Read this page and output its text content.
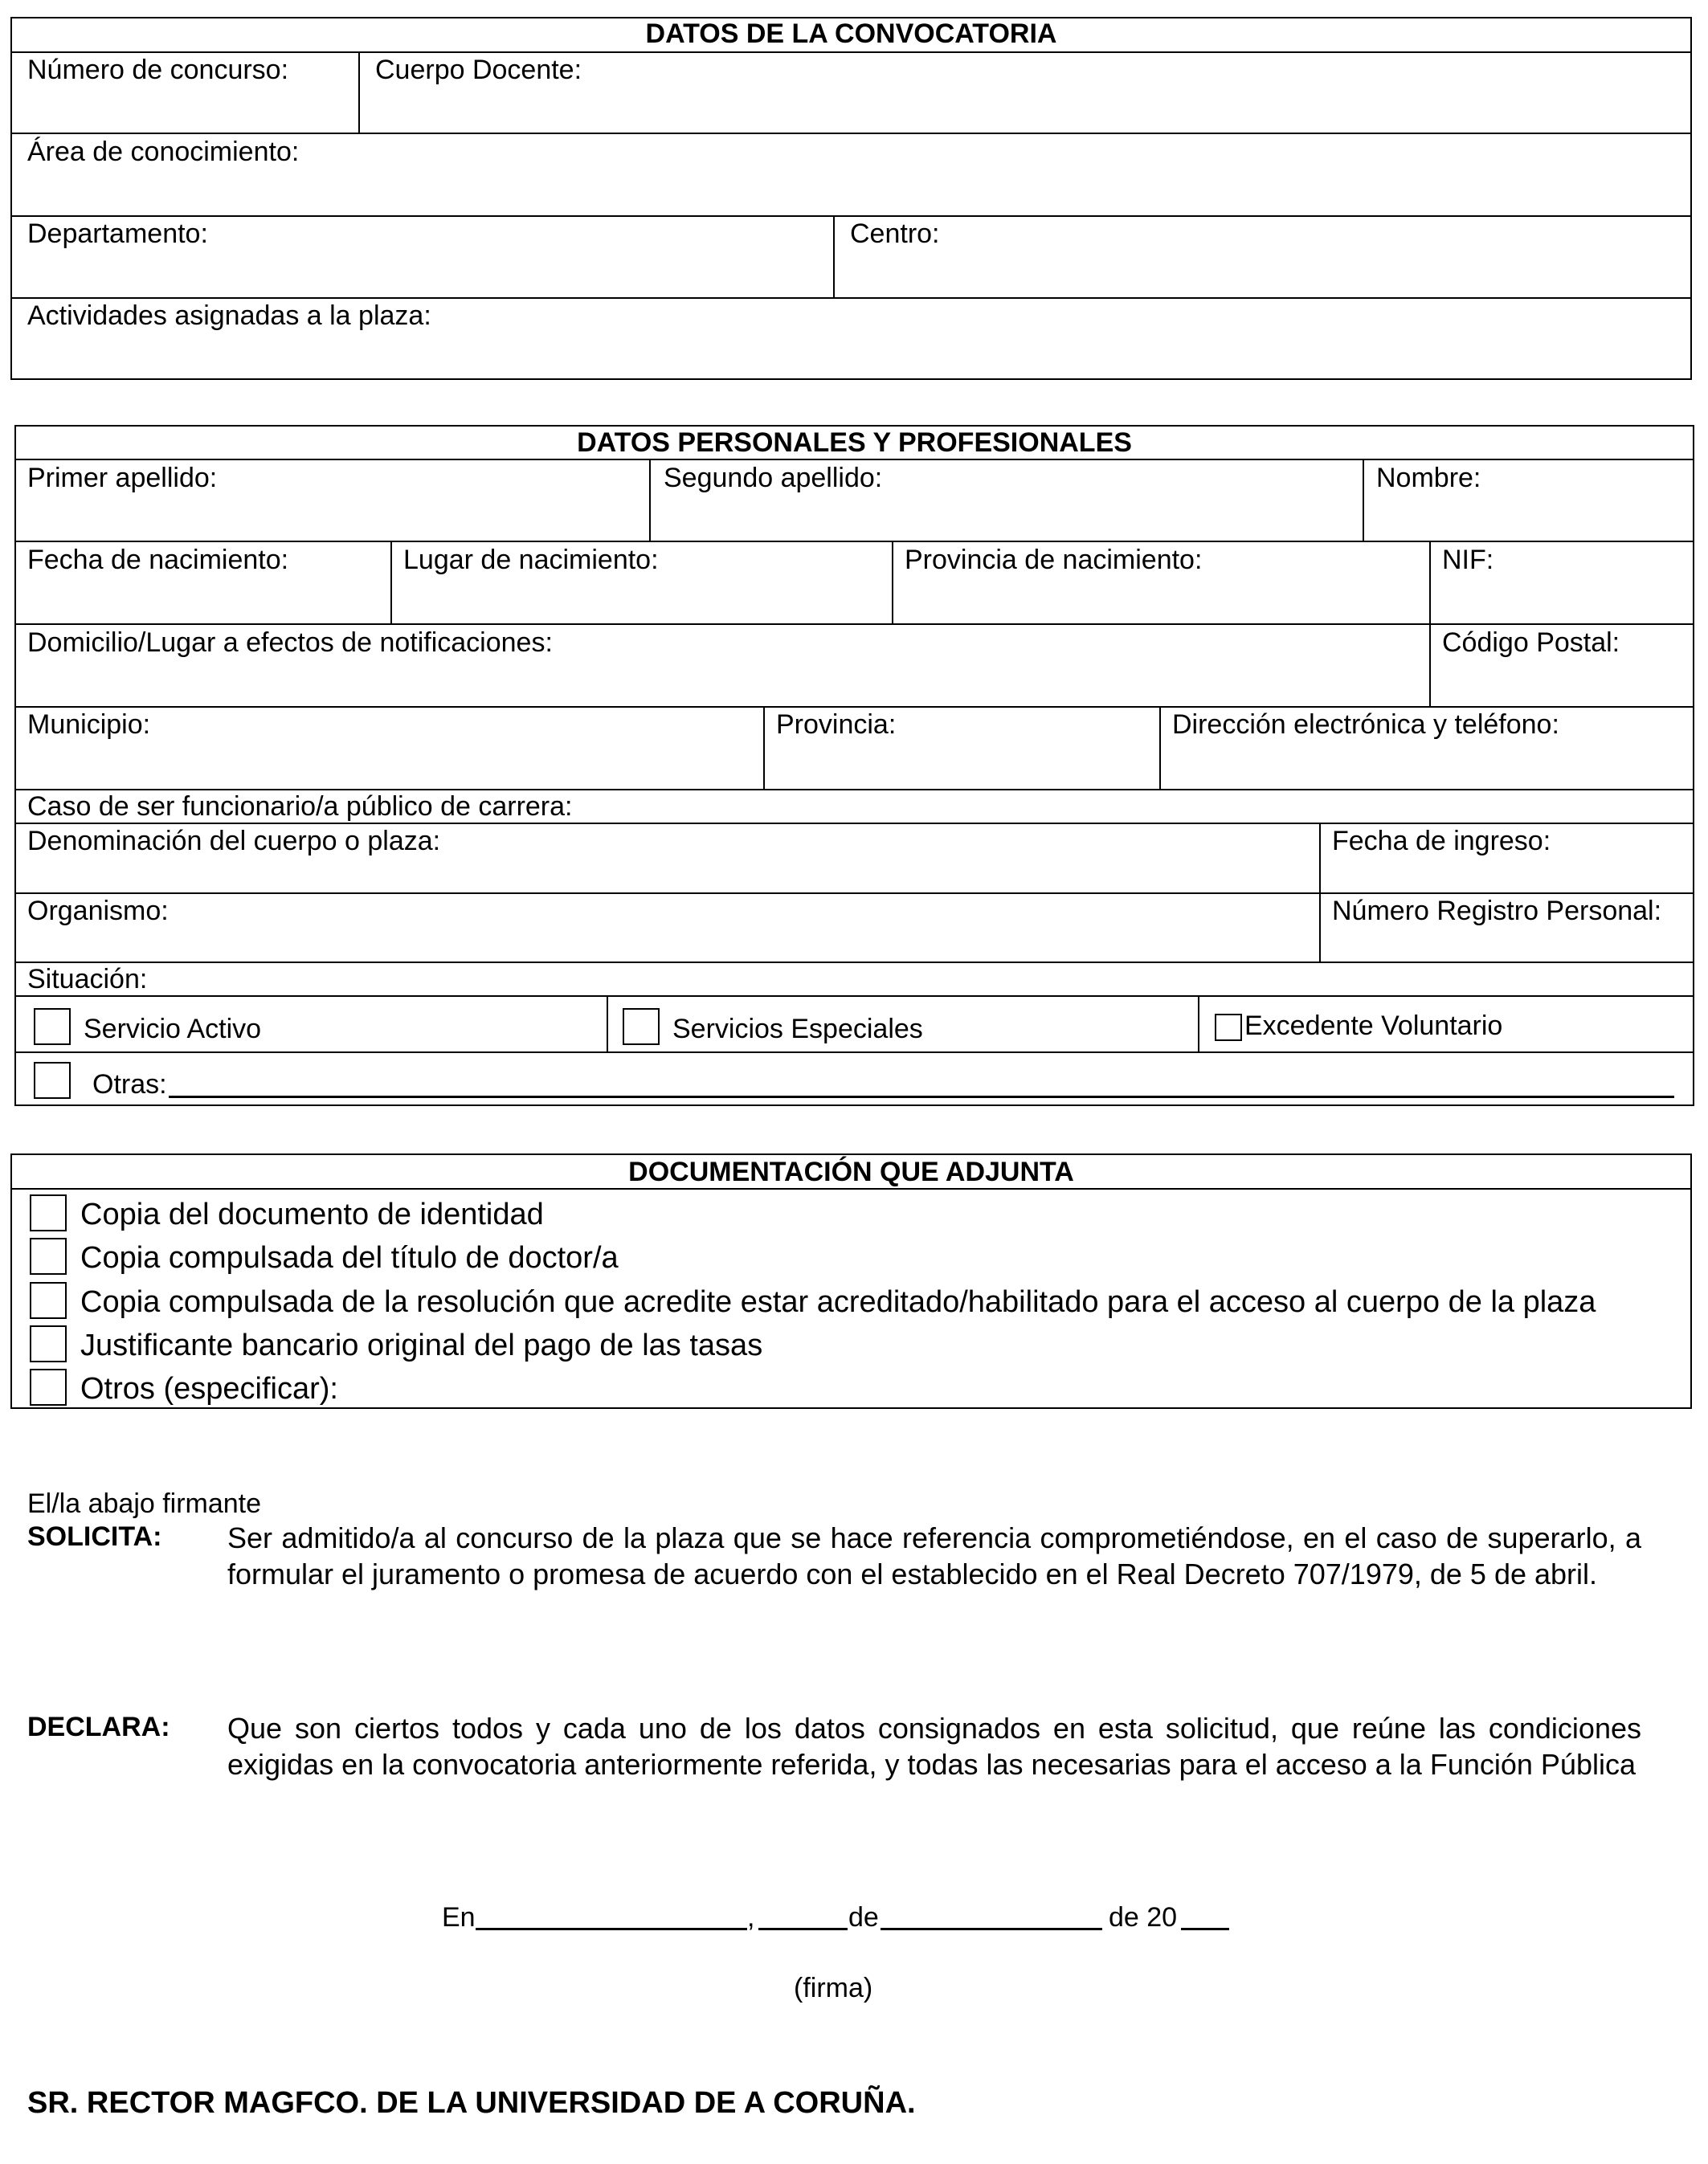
DATOS DE LA CONVOCATORIA
Número de concurso:	Cuerpo Docente:
Área de conocimiento:
Departamento:	Centro:
Actividades asignadas a la plaza:
DATOS PERSONALES Y PROFESIONALES
Primer apellido:	Segundo apellido:	Nombre:
Fecha de nacimiento:	Lugar de nacimiento:	Provincia de nacimiento:	NIF:
Domicilio/Lugar a efectos de notificaciones:	Código Postal:
Municipio:	Provincia:	Dirección electrónica y teléfono:
Caso de ser funcionario/a público de carrera:
Denominación del cuerpo o plaza:	Fecha de ingreso:
Organismo:	Número Registro Personal:
Situación:
Servicio Activo	Servicios Especiales	Excedente Voluntario
Otras:
DOCUMENTACIÓN QUE ADJUNTA
Copia del documento de identidad
Copia compulsada del título de doctor/a
Copia compulsada de la resolución que acredite estar acreditado/habilitado para el acceso al cuerpo de la plaza
Justificante bancario original del pago de las tasas
Otros (especificar):
El/la abajo firmante
SOLICITA: Ser admitido/a al concurso de la plaza que se hace referencia comprometiéndose, en el caso de superarlo, a formular el juramento o promesa de acuerdo con el establecido en el Real Decreto 707/1979, de 5 de abril.
DECLARA: Que son ciertos todos y cada uno de los datos consignados en esta solicitud, que reúne las condiciones exigidas en la convocatoria anteriormente referida, y todas las necesarias para el acceso a la Función Pública
En	,	de	de 20
(firma)
SR. RECTOR MAGFCO. DE LA UNIVERSIDAD DE A CORUÑA.
